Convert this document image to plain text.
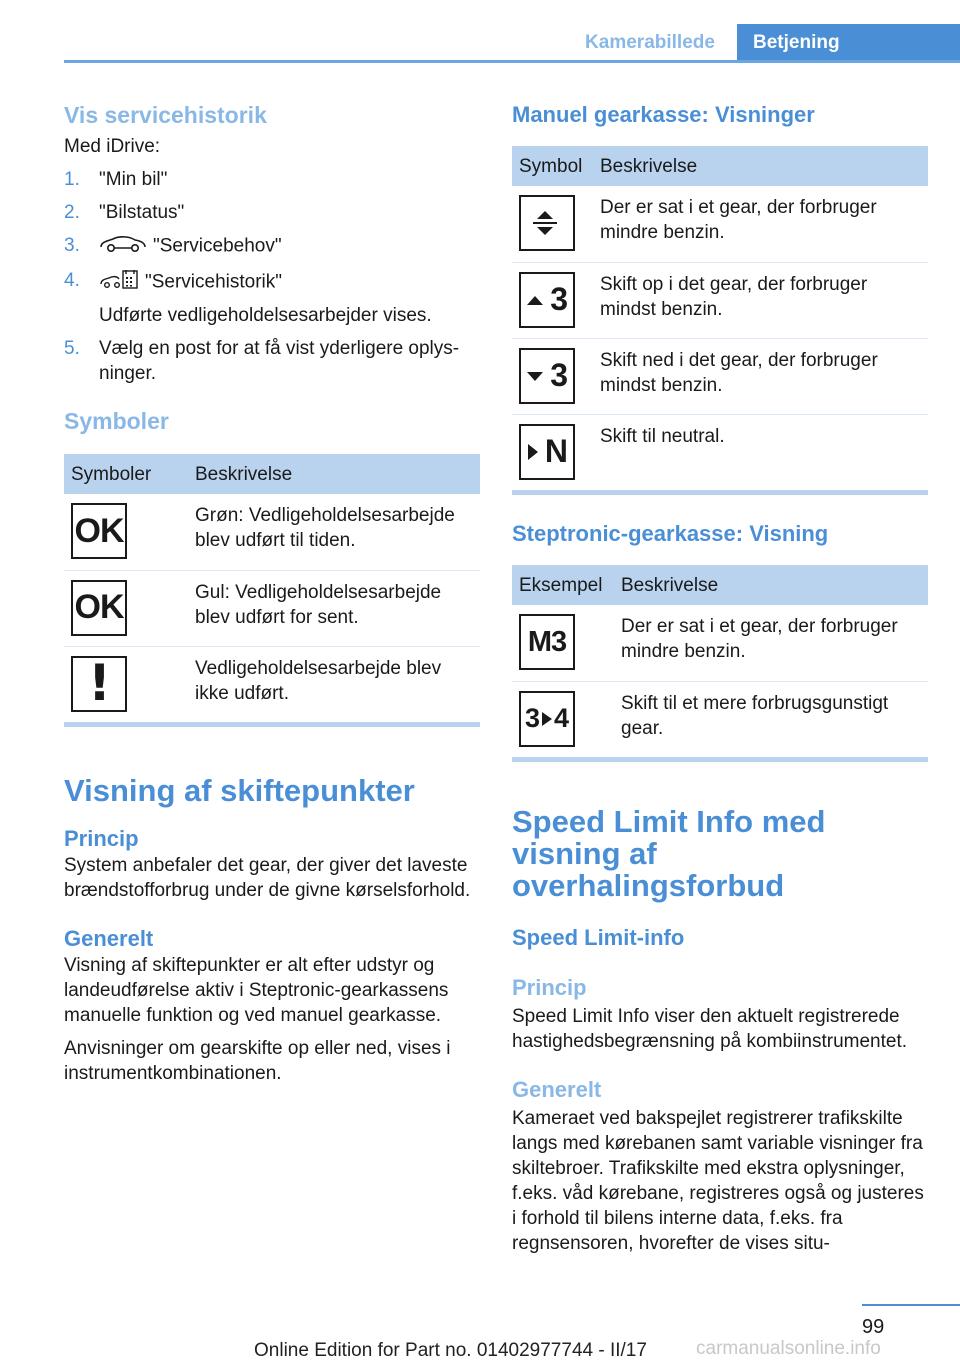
Kamerabillede	Betjening
Vis servicehistorik

Med iDrive:

1.	"Min bil"
2.	"Bilstatus"
3.	"Servicebehov"
4.	"Servicehistorik"
Udførte vedligeholdelsesarbejder vises.
5.	Vælg en post for at få vist yderligere oplysninger.
Symboler
Symboler	Beskrivelse

OK	Grøn: Vedligeholdelsesarbejde blev udført til tiden.

OK	Gul: Vedligeholdelsesarbejde blev udført for sent.

!	Vedligeholdelsesarbejde blev ikke udført.
Visning af skiftepunkter
Princip

System anbefaler det gear, der giver det laveste brændstofforbrug under de givne kørselsforhold.

Generelt

Visning af skiftepunkter er alt efter udstyr og landeudførelse aktiv i Steptronic-gearkassens manuelle funktion og ved manuel gearkasse.

Anvisninger om gearskifte op eller ned, vises i instrumentkombinationen.

Manuel gearkasse: Visninger
Symbol	Beskrivelse

	Der er sat i et gear, der forbruger mindre benzin.

3	Skift op i det gear, der forbruger mindst benzin.

3	Skift ned i det gear, der forbruger mindst benzin.

N	Skift til neutral.
Steptronic-gearkasse: Visning
Eksempel	Beskrivelse

M3	Der er sat i et gear, der forbruger mindre benzin.

3 4	Skift til et mere forbrugsgunstigt gear.
Speed Limit Info med visning af overhalingsforbud
Speed Limit-info
Princip

Speed Limit Info viser den aktuelt registrerede hastighedsbegrænsning på kombiinstrumentet.

Generelt

Kameraet ved bakspejlet registrerer trafikskilte langs med kørebanen samt variable visninger fra skiltebroer. Trafikskilte med ekstra oplysninger, f.eks. våd kørebane, registreres også og justeres i forhold til bilens interne data, f.eks. fra regnsensoren, hvorefter de vises situ-

99
Online Edition for Part no. 01402977744 - II/17	carmanualsonline.info
